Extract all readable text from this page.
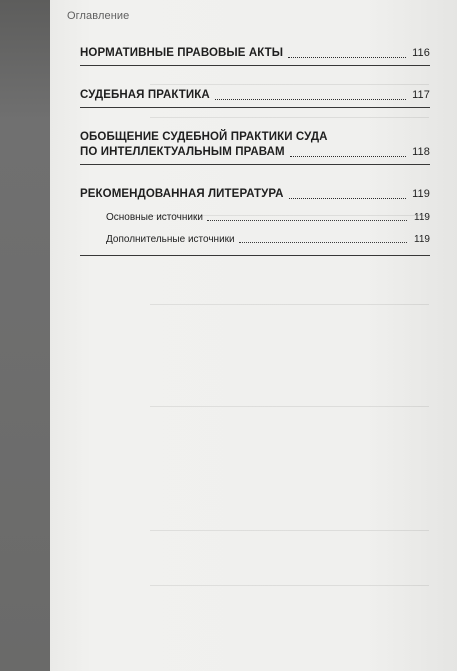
Оглавление
НОРМАТИВНЫЕ ПРАВОВЫЕ АКТЫ	116
СУДЕБНАЯ ПРАКТИКА	117
ОБОБЩЕНИЕ СУДЕБНОЙ ПРАКТИКИ СУДА
ПО ИНТЕЛЛЕКТУАЛЬНЫМ ПРАВАМ	118
РЕКОМЕНДОВАННАЯ ЛИТЕРАТУРА	119
Основные источники	119
Дополнительные источники	119
